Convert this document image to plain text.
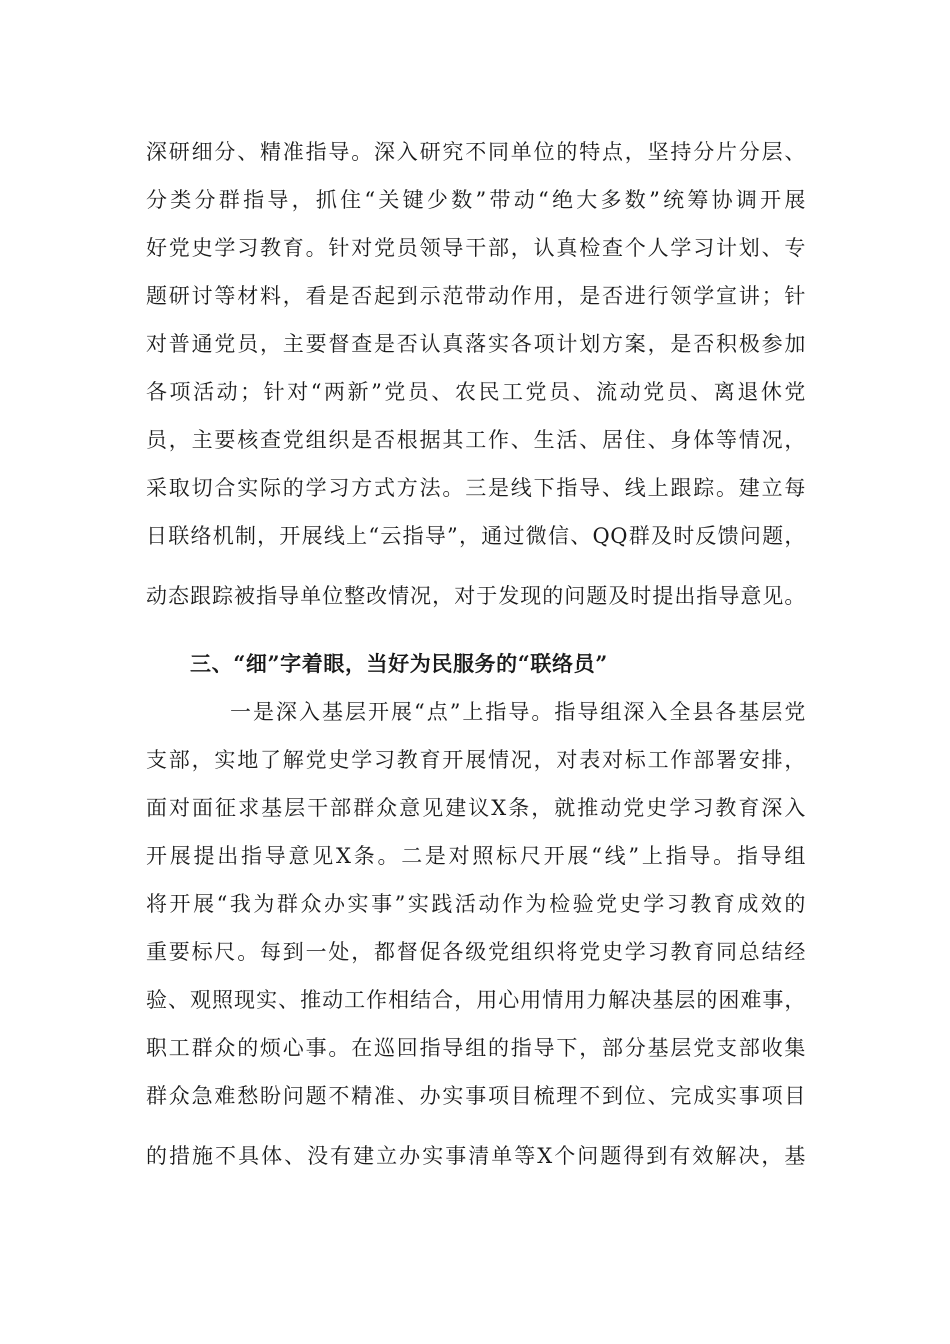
深研细分、精准指导。深入研究不同单位的特点，坚持分片分层、
分类分群指导，抓住“关键少数”带动“绝大多数”统筹协调开展
好党史学习教育。针对党员领导干部，认真检查个人学习计划、专
题研讨等材料，看是否起到示范带动作用，是否进行领学宣讲；针
对普通党员，主要督查是否认真落实各项计划方案，是否积极参加
各项活动；针对“两新”党员、农民工党员、流动党员、离退休党
员，主要核查党组织是否根据其工作、生活、居住、身体等情况，
采取切合实际的学习方式方法。三是线下指导、线上跟踪。建立每
日联络机制，开展线上“云指导”，通过微信、QQ群及时反馈问题，
动态跟踪被指导单位整改情况，对于发现的问题及时提出指导意见。
三、“细”字着眼，当好为民服务的“联络员”
一是深入基层开展“点”上指导。指导组深入全县各基层党
支部，实地了解党史学习教育开展情况，对表对标工作部署安排，
面对面征求基层干部群众意见建议X条，就推动党史学习教育深入
开展提出指导意见X条。二是对照标尺开展“线”上指导。指导组
将开展“我为群众办实事”实践活动作为检验党史学习教育成效的
重要标尺。每到一处，都督促各级党组织将党史学习教育同总结经
验、观照现实、推动工作相结合，用心用情用力解决基层的困难事，
职工群众的烦心事。在巡回指导组的指导下，部分基层党支部收集
群众急难愁盼问题不精准、办实事项目梳理不到位、完成实事项目
的措施不具体、没有建立办实事清单等X个问题得到有效解决，基
